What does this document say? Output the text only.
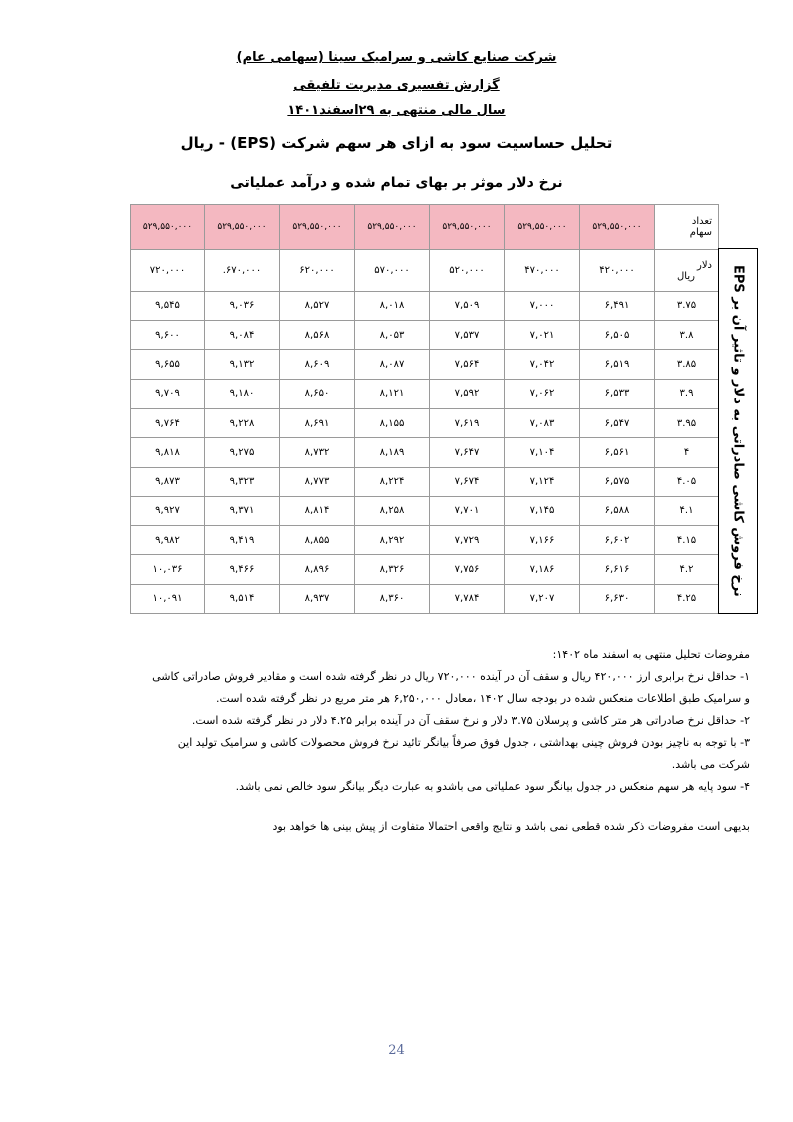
شرکت صنایع کاشی و سرامیک سینا (سهامی عام)
گزارش تفسیری مدیریت تلفیقی
سال مالی منتهی به ۲۹اسفند۱۴۰۱
تحلیل حساسیت سود به ازای هر سهم شرکت (EPS) - ریال
نرخ دلار موثر بر بهای تمام شده و درآمد عملیاتی
تعداد
سهام	۵۲۹,۵۵۰,۰۰۰	۵۲۹,۵۵۰,۰۰۰	۵۲۹,۵۵۰,۰۰۰	۵۲۹,۵۵۰,۰۰۰	۵۲۹,۵۵۰,۰۰۰	۵۲۹,۵۵۰,۰۰۰	۵۲۹,۵۵۰,۰۰۰

دلار
ریال	۴۲۰,۰۰۰	۴۷۰,۰۰۰	۵۲۰,۰۰۰	۵۷۰,۰۰۰	۶۲۰,۰۰۰	۶۷۰,۰۰۰.	۷۲۰,۰۰۰
۳.۷۵	۶,۴۹۱	۷,۰۰۰	۷,۵۰۹	۸,۰۱۸	۸,۵۲۷	۹,۰۳۶	۹,۵۴۵
۳.۸	۶,۵۰۵	۷,۰۲۱	۷,۵۳۷	۸,۰۵۳	۸,۵۶۸	۹,۰۸۴	۹,۶۰۰
۳.۸۵	۶,۵۱۹	۷,۰۴۲	۷,۵۶۴	۸,۰۸۷	۸,۶۰۹	۹,۱۳۲	۹,۶۵۵
۳.۹	۶,۵۳۳	۷,۰۶۲	۷,۵۹۲	۸,۱۲۱	۸,۶۵۰	۹,۱۸۰	۹,۷۰۹
۳.۹۵	۶,۵۴۷	۷,۰۸۳	۷,۶۱۹	۸,۱۵۵	۸,۶۹۱	۹,۲۲۸	۹,۷۶۴
۴	۶,۵۶۱	۷,۱۰۴	۷,۶۴۷	۸,۱۸۹	۸,۷۳۲	۹,۲۷۵	۹,۸۱۸
۴.۰۵	۶,۵۷۵	۷,۱۲۴	۷,۶۷۴	۸,۲۲۴	۸,۷۷۳	۹,۳۲۳	۹,۸۷۳
۴.۱	۶,۵۸۸	۷,۱۴۵	۷,۷۰۱	۸,۲۵۸	۸,۸۱۴	۹,۳۷۱	۹,۹۲۷
۴.۱۵	۶,۶۰۲	۷,۱۶۶	۷,۷۲۹	۸,۲۹۲	۸,۸۵۵	۹,۴۱۹	۹,۹۸۲
۴.۲	۶,۶۱۶	۷,۱۸۶	۷,۷۵۶	۸,۳۲۶	۸,۸۹۶	۹,۴۶۶	۱۰,۰۳۶
۴.۲۵	۶,۶۳۰	۷,۲۰۷	۷,۷۸۴	۸,۳۶۰	۸,۹۳۷	۹,۵۱۴	۱۰,۰۹۱
نرخ فروش کاشی صادراتی به دلار و تاثیر آن بر EPS
مفروضات تحلیل منتهی به اسفند ماه ۱۴۰۲:
۱- حداقل نرخ برابری ارز ۴۲۰,۰۰۰ ریال و سقف آن در آینده ۷۲۰,۰۰۰ ریال در نظر گرفته شده است و مقادیر فروش صادراتی کاشی و سرامیک طبق اطلاعات منعکس شده در بودجه سال ۱۴۰۲ ،معادل ۶,۲۵۰,۰۰۰ هر متر مربع در نظر گرفته شده است.
۲- حداقل نرخ صادراتی هر متر کاشی و پرسلان ۳.۷۵ دلار و نرخ سقف آن در آینده برابر ۴.۲۵ دلار در نظر گرفته شده است.
۳- با توجه به ناچیز بودن فروش چینی بهداشتی ، جدول فوق صرفاً بیانگر تائید نرخ فروش محصولات کاشی و سرامیک تولید این شرکت می باشد.
۴- سود پایه هر سهم منعکس در جدول بیانگر سود عملیاتی می باشدو به عبارت دیگر بیانگر سود خالص نمی باشد.
بدیهی است مفروضات ذکر شده قطعی نمی باشد و نتایج واقعی احتمالا متفاوت از پیش بینی ها خواهد بود
24
